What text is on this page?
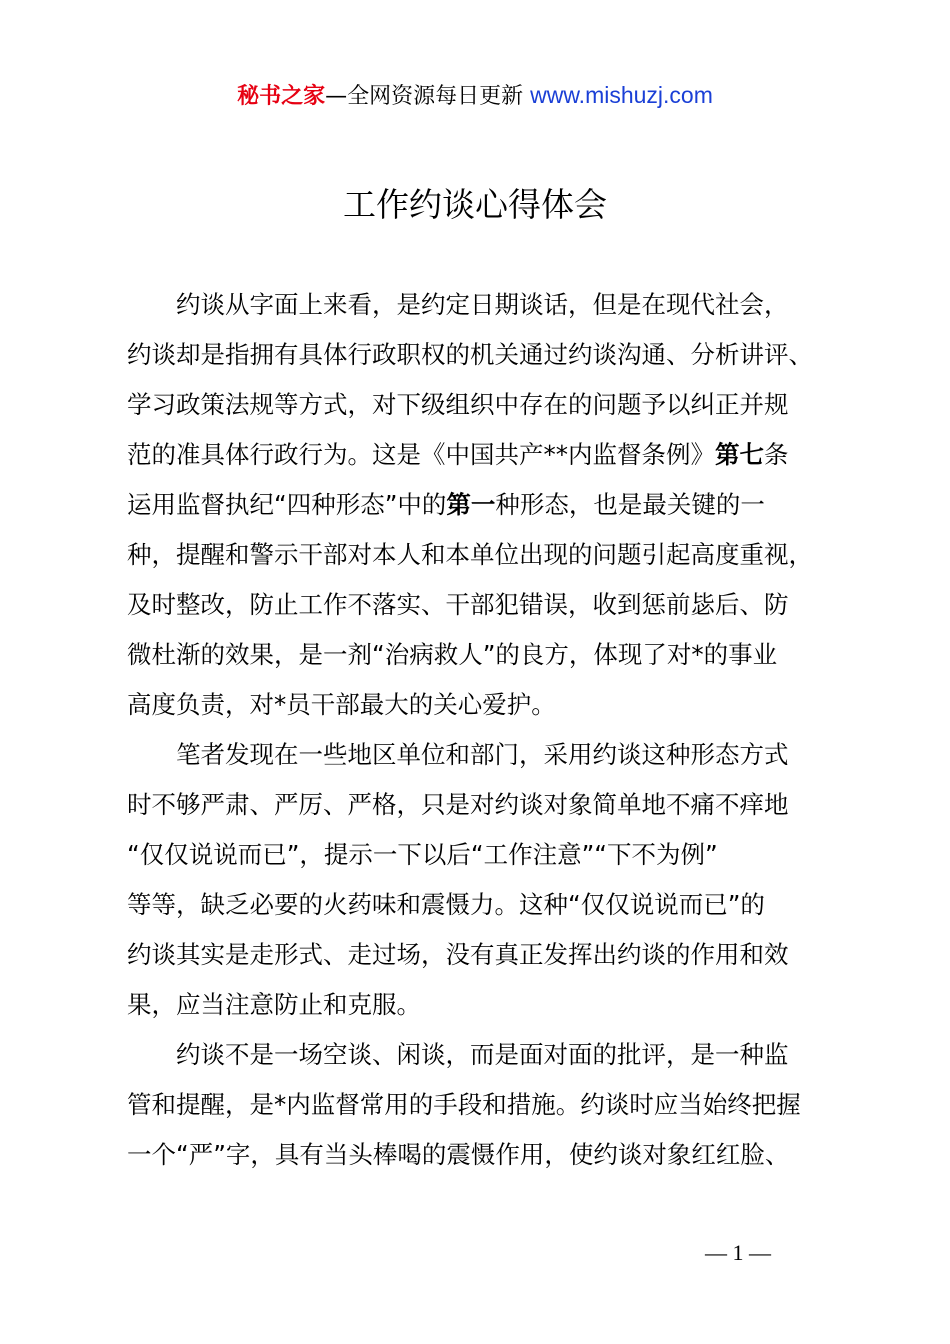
秘书之家—全网资源每日更新 www.mishuzj.com
工作约谈心得体会
约谈从字面上来看，是约定日期谈话，但是在现代社会，
约谈却是指拥有具体行政职权的机关通过约谈沟通、分析讲评、
学习政策法规等方式，对下级组织中存在的问题予以纠正并规
范的准具体行政行为。这是《中国共产**内监督条例》第七条
运用监督执纪“四种形态”中的第一种形态，也是最关键的一
种，提醒和警示干部对本人和本单位出现的问题引起高度重视，
及时整改，防止工作不落实、干部犯错误，收到惩前毖后、防
微杜渐的效果，是一剂“治病救人”的良方，体现了对*的事业
高度负责，对*员干部最大的关心爱护。
笔者发现在一些地区单位和部门，采用约谈这种形态方式
时不够严肃、严厉、严格，只是对约谈对象简单地不痛不痒地
“仅仅说说而已”，提示一下以后“工作注意”“下不为例”
等等，缺乏必要的火药味和震慑力。这种“仅仅说说而已”的
约谈其实是走形式、走过场，没有真正发挥出约谈的作用和效
果，应当注意防止和克服。
约谈不是一场空谈、闲谈，而是面对面的批评，是一种监
管和提醒，是*内监督常用的手段和措施。约谈时应当始终把握
一个“严”字，具有当头棒喝的震慑作用，使约谈对象红红脸、
— 1 —
